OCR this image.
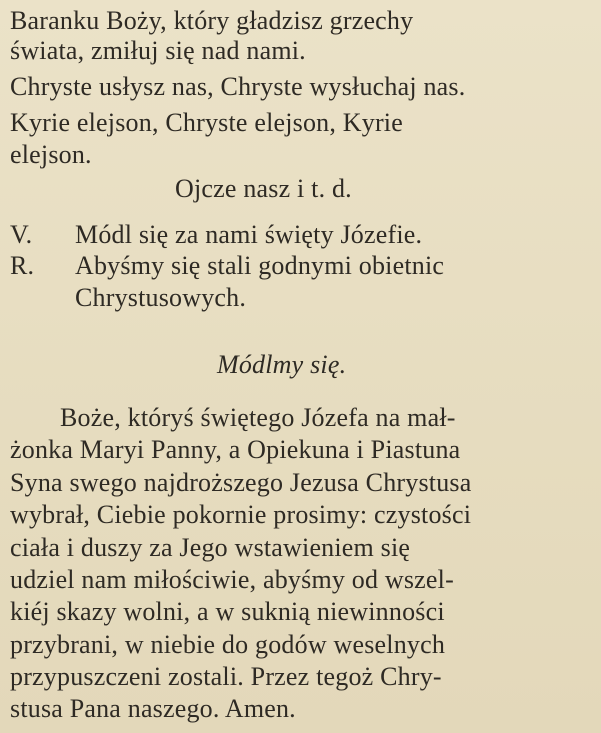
Baranku Boży, który gładzisz grzechy
świata, zmiłuj się nad nami.
Chryste usłysz nas, Chryste wysłuchaj nas.
Kyrie elejson, Chryste elejson, Kyrie
elejson.
Ojcze nasz i t. d.
V.	Módl się za nami święty Józefie.
R.	Abyśmy się stali godnymi obietnic
Chrystusowych.
Módlmy się.
Boże, któryś świętego Józefa na mał-
żonka Maryi Panny, a Opiekuna i Piastuna
Syna swego najdroższego Jezusa Chrystusa
wybrał, Ciebie pokornie prosimy: czystości
ciała i duszy za Jego wstawieniem się
udziel nam miłościwie, abyśmy od wszel-
kiéj skazy wolni, a w suknią niewinności
przybrani, w niebie do godów weselnych
przypuszczeni zostali. Przez tegoż Chry-
stusa Pana naszego. Amen.
